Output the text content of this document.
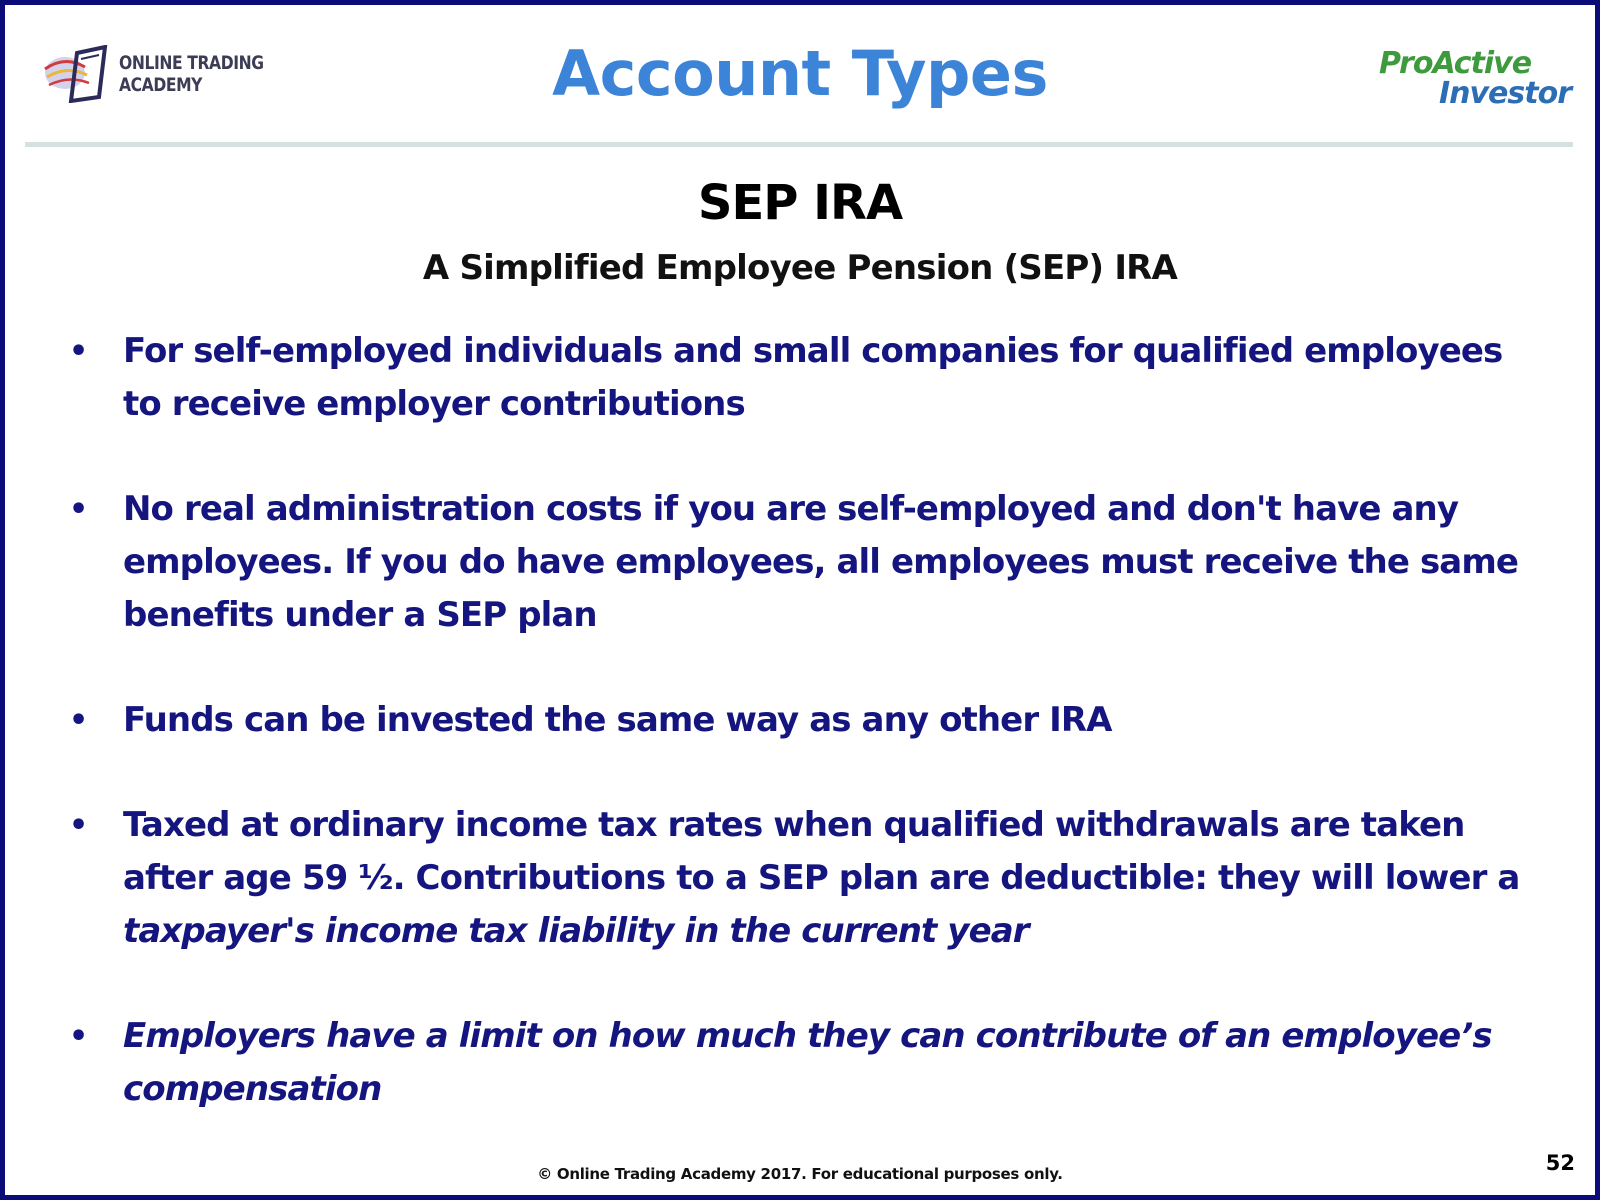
ONLINE TRADING
ACADEMY	Account Types	ProActive
Investor
SEP IRA
A Simplified Employee Pension (SEP) IRA
• For self-employed individuals and small companies for qualified employees to receive employer contributions
• No real administration costs if you are self-employed and don't have any employees. If you do have employees, all employees must receive the same benefits under a SEP plan
• Funds can be invested the same way as any other IRA
• Taxed at ordinary income tax rates when qualified withdrawals are taken after age 59 ½. Contributions to a SEP plan are deductible: they will lower a taxpayer's income tax liability in the current year
• Employers have a limit on how much they can contribute of an employee’s compensation
© Online Trading Academy 2017. For educational purposes only.	52
